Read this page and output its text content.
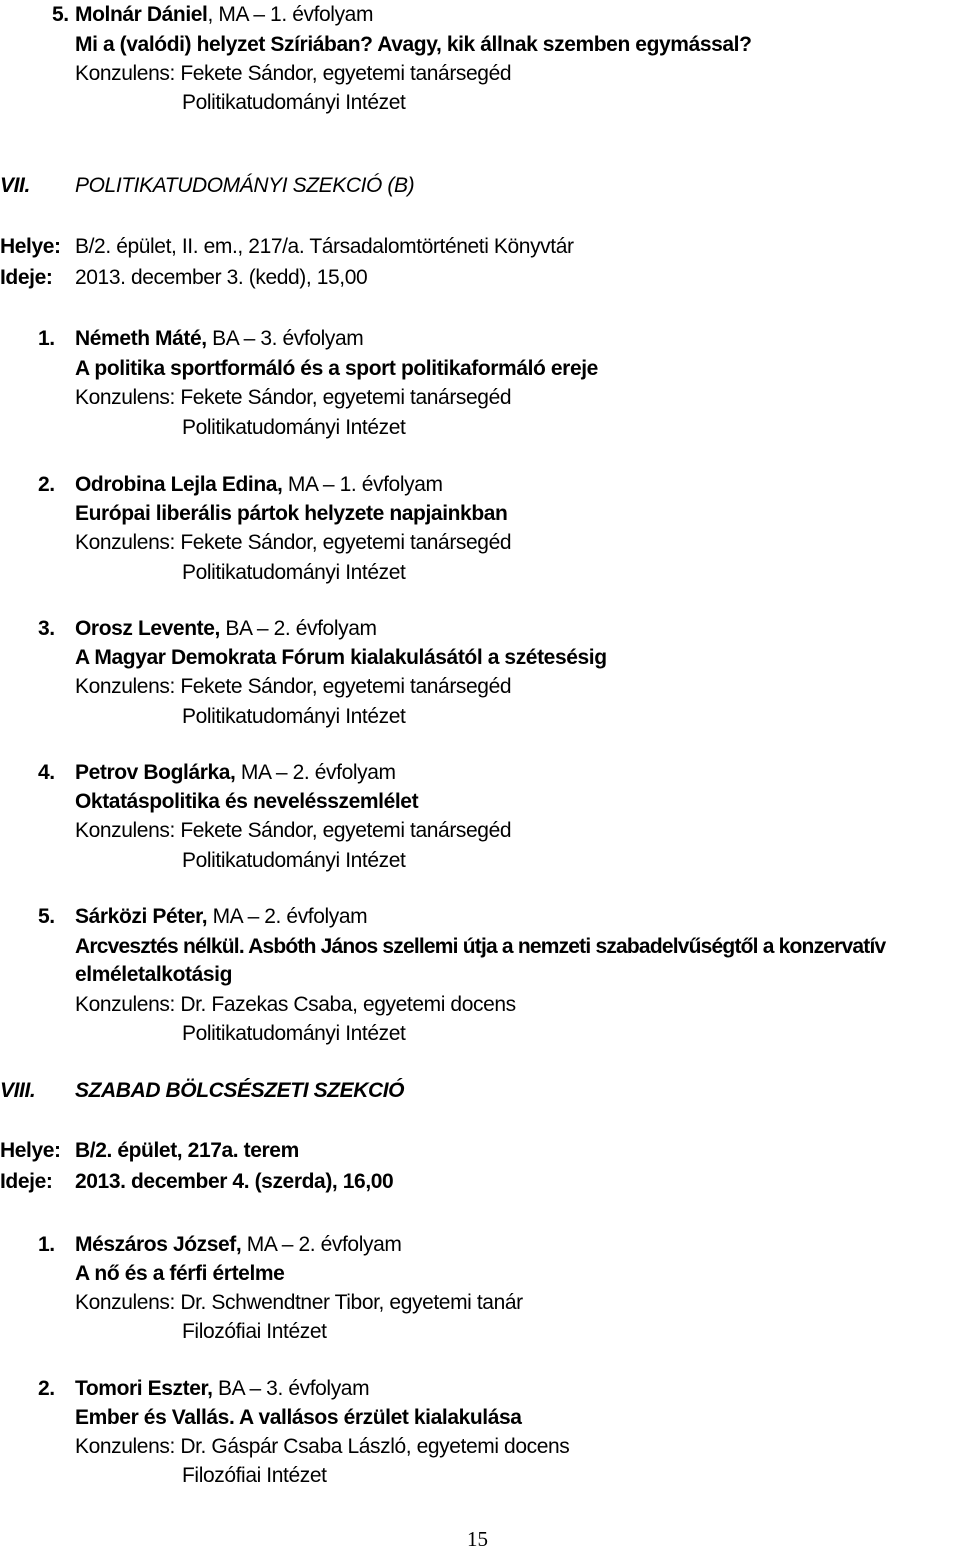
5. Molnár Dániel, MA – 1. évfolyam
Mi a (valódi) helyzet Szíriában? Avagy, kik állnak szemben egymással?
Konzulens: Fekete Sándor, egyetemi tanársegéd
Politikatudományi Intézet
VII. POLITIKATUDOMÁNYI SZEKCIÓ (B)
Helye: B/2. épület, II. em., 217/a. Társadalomtörténeti Könyvtár
Ideje: 2013. december 3. (kedd), 15,00
1. Németh Máté, BA – 3. évfolyam
A politika sportformáló és a sport politikaformáló ereje
Konzulens: Fekete Sándor, egyetemi tanársegéd
Politikatudományi Intézet
2. Odrobina Lejla Edina, MA – 1. évfolyam
Európai liberális pártok helyzete napjainkban
Konzulens: Fekete Sándor, egyetemi tanársegéd
Politikatudományi Intézet
3. Orosz Levente, BA – 2. évfolyam
A Magyar Demokrata Fórum kialakulásától a szétesésig
Konzulens: Fekete Sándor, egyetemi tanársegéd
Politikatudományi Intézet
4. Petrov Boglárka, MA – 2. évfolyam
Oktatáspolitika és nevelésszemlélet
Konzulens: Fekete Sándor, egyetemi tanársegéd
Politikatudományi Intézet
5. Sárközi Péter, MA – 2. évfolyam
Arcvesztés nélkül. Asbóth János szellemi útja a nemzeti szabadelvűségtől a konzervatív
elméletalkotásig
Konzulens: Dr. Fazekas Csaba, egyetemi docens
Politikatudományi Intézet
VIII. SZABAD BÖLCSÉSZETI SZEKCIÓ
Helye: B/2. épület, 217a. terem
Ideje: 2013. december 4. (szerda), 16,00
1. Mészáros József, MA – 2. évfolyam
A nő és a férfi értelme
Konzulens: Dr. Schwendtner Tibor, egyetemi tanár
Filozófiai Intézet
2. Tomori Eszter, BA – 3. évfolyam
Ember és Vallás. A vallásos érzület kialakulása
Konzulens: Dr. Gáspár Csaba László, egyetemi docens
Filozófiai Intézet
15
